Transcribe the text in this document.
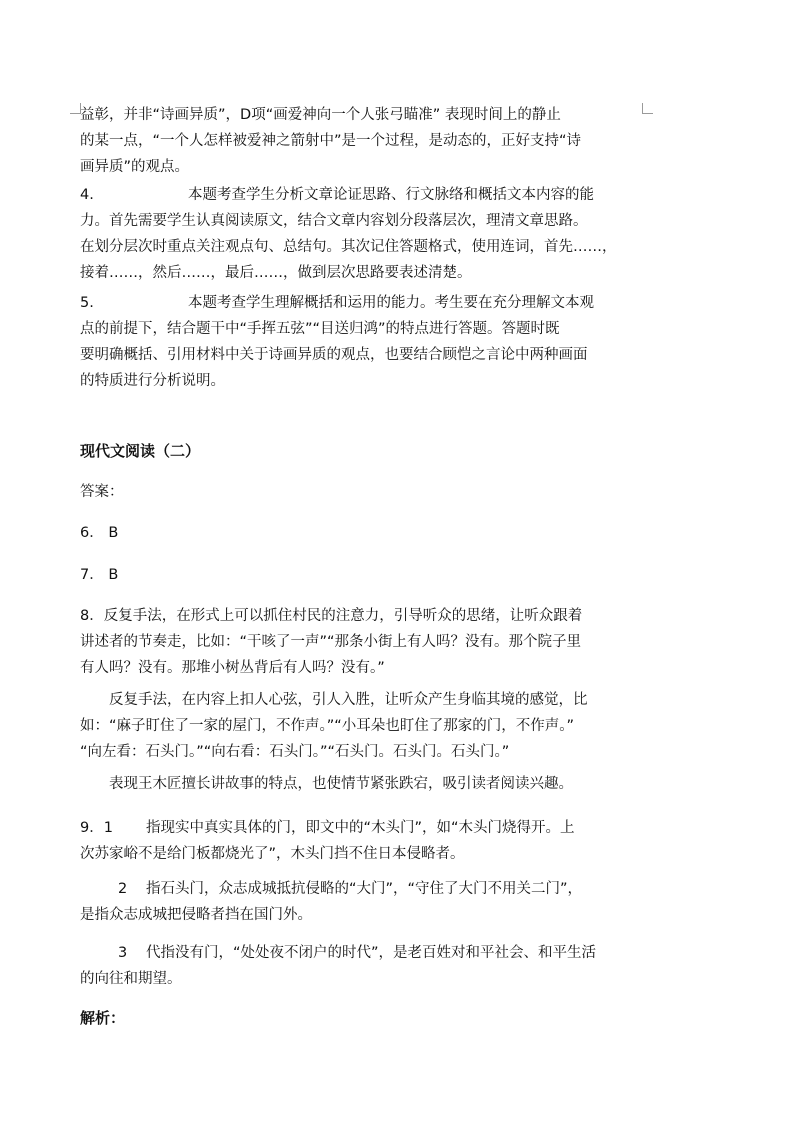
益彰，并非“诗画异质”，D项“画爱神向一个人张弓瞄准” 表现时间上的静止
的某一点，“一个人怎样被爱神之箭射中”是一个过程，是动态的，正好支持“诗
画异质”的观点。
4.	本题考查学生分析文章论证思路、行文脉络和概括文本内容的能
力。首先需要学生认真阅读原文，结合文章内容划分段落层次，理清文章思路。
在划分层次时重点关注观点句、总结句。其次记住答题格式，使用连词，首先……，
接着……，然后……，最后……，做到层次思路要表述清楚。
5.	本题考查学生理解概括和运用的能力。考生要在充分理解文本观
点的前提下，结合题干中“手挥五弦”“目送归鸿”的特点进行答题。答题时既
要明确概括、引用材料中关于诗画异质的观点，也要结合顾恺之言论中两种画面
的特质进行分析说明。
现代文阅读（二）
答案：
6． B
7． B
8．反复手法，在形式上可以抓住村民的注意力，引导听众的思绪，让听众跟着
讲述者的节奏走，比如：“干咳了一声”“那条小街上有人吗？没有。那个院子里
有人吗？没有。那堆小树丛背后有人吗？没有。”
反复手法，在内容上扣人心弦，引人入胜，让听众产生身临其境的感觉，比
如：“麻子盯住了一家的屋门，不作声。”“小耳朵也盯住了那家的门，不作声。”
“向左看：石头门。”“向右看：石头门。”“石头门。石头门。石头门。”
表现王木匠擅长讲故事的特点，也使情节紧张跌宕，吸引读者阅读兴趣。
9．1 指现实中真实具体的门，即文中的“木头门”，如“木头门烧得开。上
次苏家峪不是给门板都烧光了”，木头门挡不住日本侵略者。
2 指石头门，众志成城抵抗侵略的“大门”，“守住了大门不用关二门”，
是指众志成城把侵略者挡在国门外。
3 代指没有门，“处处夜不闭户的时代”，是老百姓对和平社会、和平生活
的向往和期望。
解析：
